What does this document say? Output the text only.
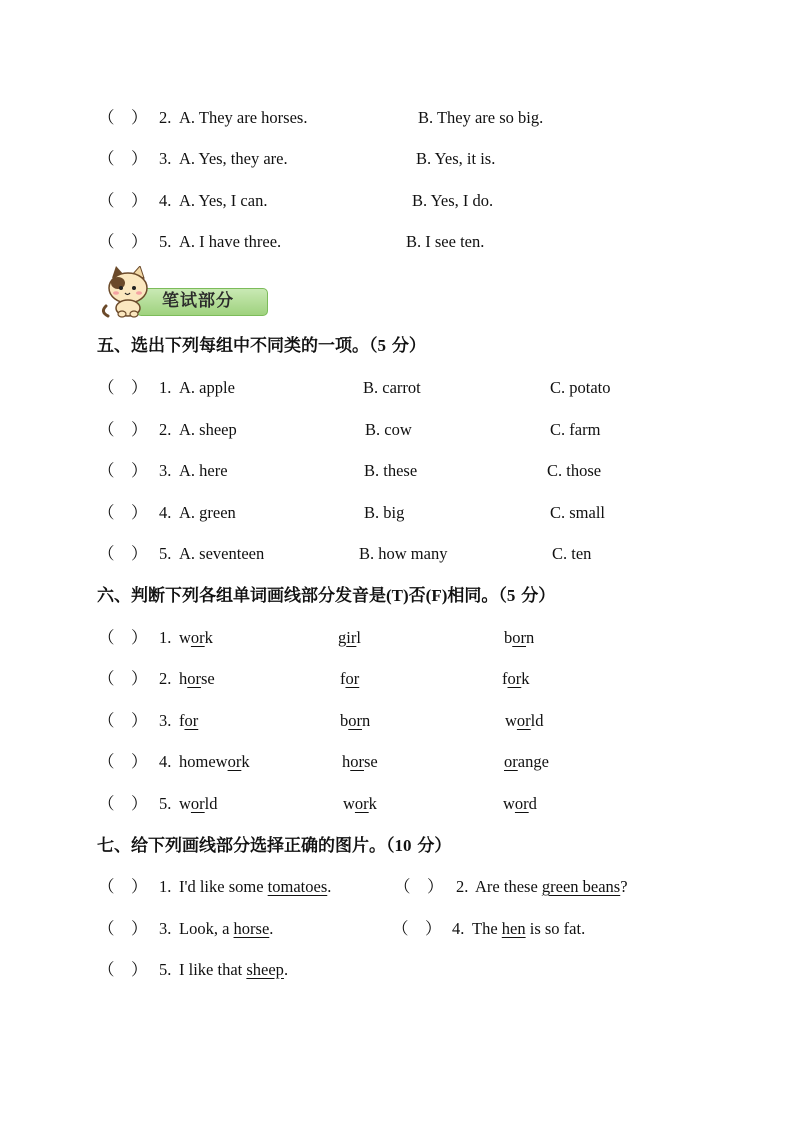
（　） 2. A. They are horses.	B. They are so big.
（　） 3. A. Yes, they are.	B. Yes, it is.
（　） 4. A. Yes, I can.	B. Yes, I do.
（　） 5. A. I have three.	B. I see ten.
笔试部分
五、选出下列每组中不同类的一项。（5 分）
（　） 1. A. apple	B. carrot	C. potato
（　） 2. A. sheep	B. cow	C. farm
（　） 3. A. here	B. these	C. those
（　） 4. A. green	B. big	C. small
（　） 5. A. seventeen	B. how many	C. ten
六、判断下列各组单词画线部分发音是(T)否(F)相同。（5 分）
（　） 1. work	girl	born
（　） 2. horse	for	fork
（　） 3. for	born	world
（　） 4. homework	horse	orange
（　） 5. world	work	word
七、给下列画线部分选择正确的图片。（10 分）
（　） 1. I'd like some tomatoes.	（　） 2. Are these green beans?
（　） 3. Look, a horse.	（　） 4. The hen is so fat.
（　） 5. I like that sheep.
